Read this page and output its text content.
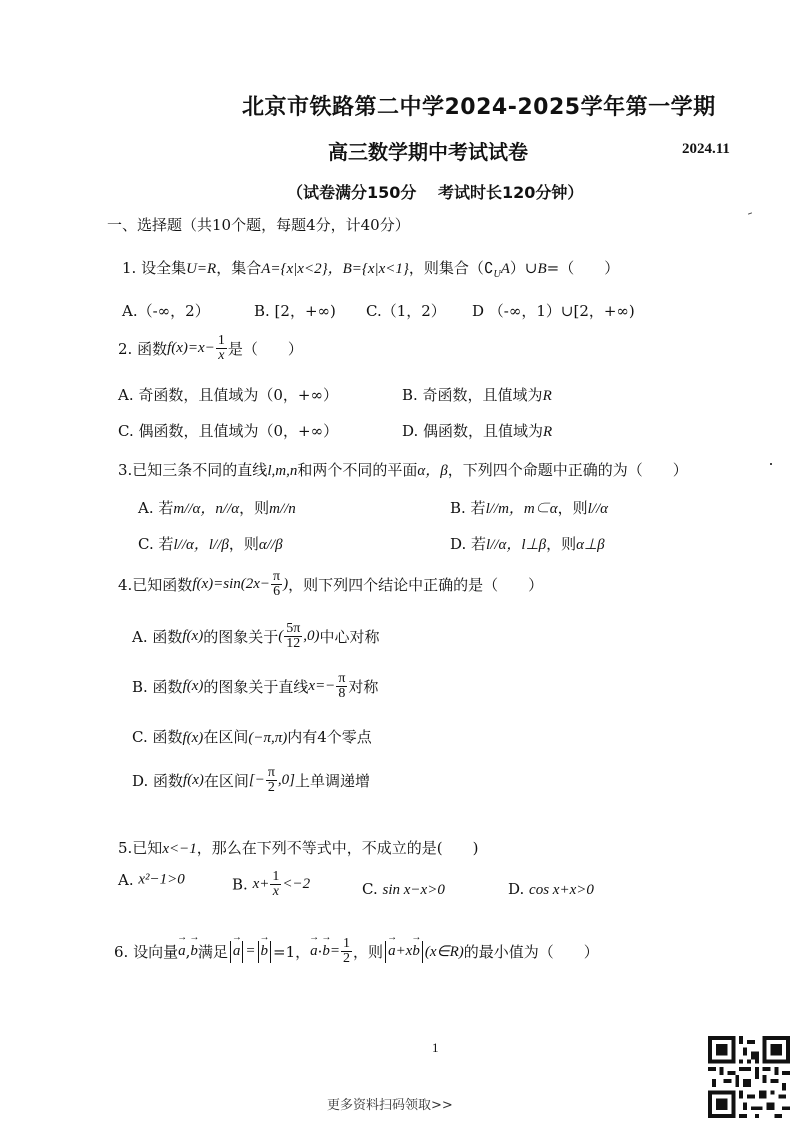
北京市铁路第二中学2024-2025学年第一学期
高三数学期中考试试卷	2024.11
（试卷满分150分　 考试时长120分钟）
一、选择题（共10个题，每题4分，计40分）
1. 设全集U=R，集合A={x|x<2}，B={x|x<1}，则集合$(∁_UA)\cup B=$（　　）
A.（-∞，2）	B. [2，+∞) C.（1，2） D （-∞，1）∪[2，+∞)
2. 函数$f(x)=x- \frac{1}{x}$ 是（　　）
A. 奇函数，且值域为（0，+∞）	B. 奇函数，且值域为R
C. 偶函数，且值域为（0，+∞）	D. 偶函数，且值域为R
3.已知三条不同的直线l,m,n和两个不同的平面α，β，下列四个命题中正确的为（　　）
A. 若m//α，n//α，则m//n	B. 若l//m，m⊂α，则l//α
C. 若l//α，l//β，则α//β	D. 若l//α，l⊥β，则α⊥β
4.已知函数$f(x)=\sin(2x- \frac{\pi}{6}$ )，则下列四个结论中正确的是（　　）
A. 函数f(x)的图象关于( $\frac{5\pi}{12} ,0$)中心对称
B. 函数f(x)的图象关于直线$x=- \frac{\pi}{8}$ 对称
C. 函数f(x)在区间(−π,π)内有4个零点
D. 函数f(x)在区间[− $\frac{\pi}{2} ,0$]上单调递增
5.已知x<−1，那么在下列不等式中，不成立的是(　　)
A. x²−1>0	B. $x+ \frac{1}{x} <-2$	C. sin x−x>0	D. cos x+x>0
6. 设向量→ a,→ b满足 → a = → b =1，→ $a\cdot\to b= \frac{1}{2}$ ，则 → a+x→ b (x∈R)的最小值为（　　）
1
更多资料扫码领取>>
